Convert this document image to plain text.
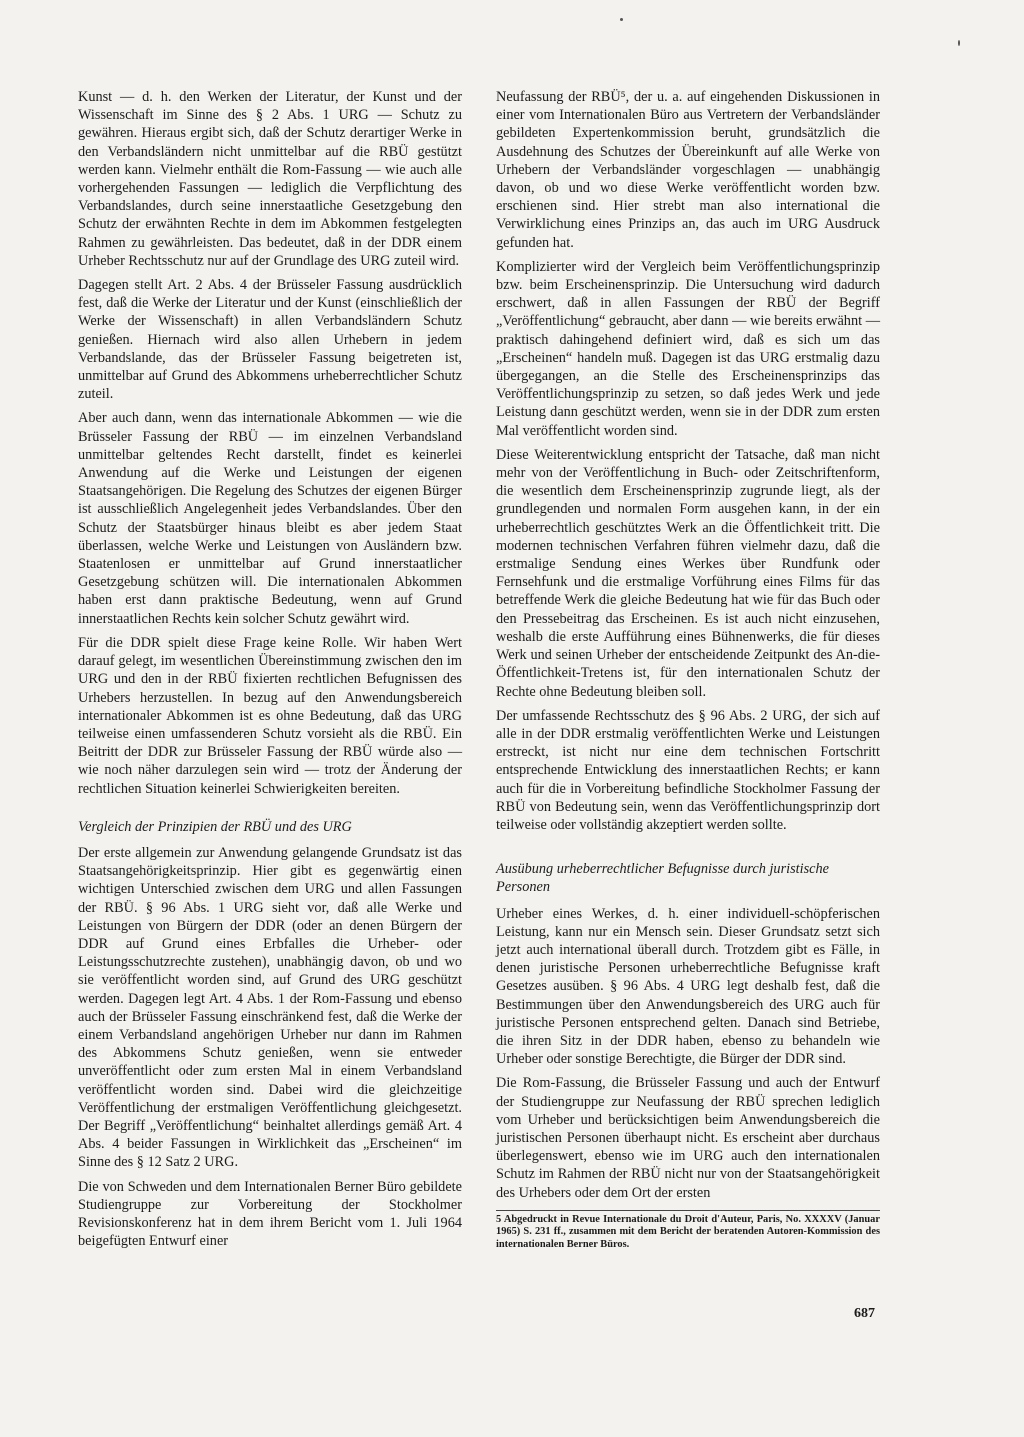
Kunst — d. h. den Werken der Literatur, der Kunst und der Wissenschaft im Sinne des § 2 Abs. 1 URG — Schutz zu gewähren. Hieraus ergibt sich, daß der Schutz derartiger Werke in den Verbandsländern nicht unmittelbar auf die RBÜ gestützt werden kann. Vielmehr enthält die Rom-Fassung — wie auch alle vorhergehenden Fassungen — lediglich die Verpflichtung des Verbandslandes, durch seine innerstaatliche Gesetzgebung den Schutz der erwähnten Rechte in dem im Abkommen festgelegten Rahmen zu gewährleisten. Das bedeutet, daß in der DDR einem Urheber Rechtsschutz nur auf der Grundlage des URG zuteil wird.

Dagegen stellt Art. 2 Abs. 4 der Brüsseler Fassung ausdrücklich fest, daß die Werke der Literatur und der Kunst (einschließlich der Werke der Wissenschaft) in allen Verbandsländern Schutz genießen. Hiernach wird also allen Urhebern in jedem Verbandslande, das der Brüsseler Fassung beigetreten ist, unmittelbar auf Grund des Abkommens urheberrechtlicher Schutz zuteil.

Aber auch dann, wenn das internationale Abkommen — wie die Brüsseler Fassung der RBÜ — im einzelnen Verbandsland unmittelbar geltendes Recht darstellt, findet es keinerlei Anwendung auf die Werke und Leistungen der eigenen Staatsangehörigen. Die Regelung des Schutzes der eigenen Bürger ist ausschließlich Angelegenheit jedes Verbandslandes. Über den Schutz der Staatsbürger hinaus bleibt es aber jedem Staat überlassen, welche Werke und Leistungen von Ausländern bzw. Staatenlosen er unmittelbar auf Grund innerstaatlicher Gesetzgebung schützen will. Die internationalen Abkommen haben erst dann praktische Bedeutung, wenn auf Grund innerstaatlichen Rechts kein solcher Schutz gewährt wird.

Für die DDR spielt diese Frage keine Rolle. Wir haben Wert darauf gelegt, im wesentlichen Übereinstimmung zwischen den im URG und den in der RBÜ fixierten rechtlichen Befugnissen des Urhebers herzustellen. In bezug auf den Anwendungsbereich internationaler Abkommen ist es ohne Bedeutung, daß das URG teilweise einen umfassenderen Schutz vorsieht als die RBÜ. Ein Beitritt der DDR zur Brüsseler Fassung der RBÜ würde also — wie noch näher darzulegen sein wird — trotz der Änderung der rechtlichen Situation keinerlei Schwierigkeiten bereiten.

Vergleich der Prinzipien der RBÜ und des URG

Der erste allgemein zur Anwendung gelangende Grundsatz ist das Staatsangehörigkeitsprinzip. Hier gibt es gegenwärtig einen wichtigen Unterschied zwischen dem URG und allen Fassungen der RBÜ. § 96 Abs. 1 URG sieht vor, daß alle Werke und Leistungen von Bürgern der DDR (oder an denen Bürgern der DDR auf Grund eines Erbfalles die Urheber- oder Leistungsschutzrechte zustehen), unabhängig davon, ob und wo sie veröffentlicht worden sind, auf Grund des URG geschützt werden. Dagegen legt Art. 4 Abs. 1 der Rom-Fassung und ebenso auch der Brüsseler Fassung einschränkend fest, daß die Werke der einem Verbandsland angehörigen Urheber nur dann im Rahmen des Abkommens Schutz genießen, wenn sie entweder unveröffentlicht oder zum ersten Mal in einem Verbandsland veröffentlicht worden sind. Dabei wird die gleichzeitige Veröffentlichung der erstmaligen Veröffentlichung gleichgesetzt. Der Begriff „Veröffentlichung“ beinhaltet allerdings gemäß Art. 4 Abs. 4 beider Fassungen in Wirklichkeit das „Erscheinen“ im Sinne des § 12 Satz 2 URG.

Die von Schweden und dem Internationalen Berner Büro gebildete Studiengruppe zur Vorbereitung der Stockholmer Revisionskonferenz hat in dem ihrem Bericht vom 1. Juli 1964 beigefügten Entwurf einer

Neufassung der RBÜ⁵, der u. a. auf eingehenden Diskussionen in einer vom Internationalen Büro aus Vertretern der Verbandsländer gebildeten Expertenkommission beruht, grundsätzlich die Ausdehnung des Schutzes der Übereinkunft auf alle Werke von Urhebern der Verbandsländer vorgeschlagen — unabhängig davon, ob und wo diese Werke veröffentlicht worden bzw. erschienen sind. Hier strebt man also international die Verwirklichung eines Prinzips an, das auch im URG Ausdruck gefunden hat.

Komplizierter wird der Vergleich beim Veröffentlichungsprinzip bzw. beim Erscheinensprinzip. Die Untersuchung wird dadurch erschwert, daß in allen Fassungen der RBÜ der Begriff „Veröffentlichung“ gebraucht, aber dann — wie bereits erwähnt — praktisch dahingehend definiert wird, daß es sich um das „Erscheinen“ handeln muß. Dagegen ist das URG erstmalig dazu übergegangen, an die Stelle des Erscheinensprinzips das Veröffentlichungsprinzip zu setzen, so daß jedes Werk und jede Leistung dann geschützt werden, wenn sie in der DDR zum ersten Mal veröffentlicht worden sind.

Diese Weiterentwicklung entspricht der Tatsache, daß man nicht mehr von der Veröffentlichung in Buch- oder Zeitschriftenform, die wesentlich dem Erscheinensprinzip zugrunde liegt, als der grundlegenden und normalen Form ausgehen kann, in der ein urheberrechtlich geschütztes Werk an die Öffentlichkeit tritt. Die modernen technischen Verfahren führen vielmehr dazu, daß die erstmalige Sendung eines Werkes über Rundfunk oder Fernsehfunk und die erstmalige Vorführung eines Films für das betreffende Werk die gleiche Bedeutung hat wie für das Buch oder den Pressebeitrag das Erscheinen. Es ist auch nicht einzusehen, weshalb die erste Aufführung eines Bühnenwerks, die für dieses Werk und seinen Urheber der entscheidende Zeitpunkt des An-die-Öffentlichkeit-Tretens ist, für den internationalen Schutz der Rechte ohne Bedeutung bleiben soll.

Der umfassende Rechtsschutz des § 96 Abs. 2 URG, der sich auf alle in der DDR erstmalig veröffentlichten Werke und Leistungen erstreckt, ist nicht nur eine dem technischen Fortschritt entsprechende Entwicklung des innerstaatlichen Rechts; er kann auch für die in Vorbereitung befindliche Stockholmer Fassung der RBÜ von Bedeutung sein, wenn das Veröffentlichungsprinzip dort teilweise oder vollständig akzeptiert werden sollte.

Ausübung urheberrechtlicher Befugnisse durch juristische Personen

Urheber eines Werkes, d. h. einer individuell-schöpferischen Leistung, kann nur ein Mensch sein. Dieser Grundsatz setzt sich jetzt auch international überall durch. Trotzdem gibt es Fälle, in denen juristische Personen urheberrechtliche Befugnisse kraft Gesetzes ausüben. § 96 Abs. 4 URG legt deshalb fest, daß die Bestimmungen über den Anwendungsbereich des URG auch für juristische Personen entsprechend gelten. Danach sind Betriebe, die ihren Sitz in der DDR haben, ebenso zu behandeln wie Urheber oder sonstige Berechtigte, die Bürger der DDR sind.

Die Rom-Fassung, die Brüsseler Fassung und auch der Entwurf der Studiengruppe zur Neufassung der RBÜ sprechen lediglich vom Urheber und berücksichtigen beim Anwendungsbereich die juristischen Personen überhaupt nicht. Es erscheint aber durchaus überlegenswert, ebenso wie im URG auch den internationalen Schutz im Rahmen der RBÜ nicht nur von der Staatsangehörigkeit des Urhebers oder dem Ort der ersten

5 Abgedruckt in Revue Internationale du Droit d'Auteur, Paris, No. XXXXV (Januar 1965) S. 231 ff., zusammen mit dem Bericht der beratenden Autoren-Kommission des internationalen Berner Büros.

687
